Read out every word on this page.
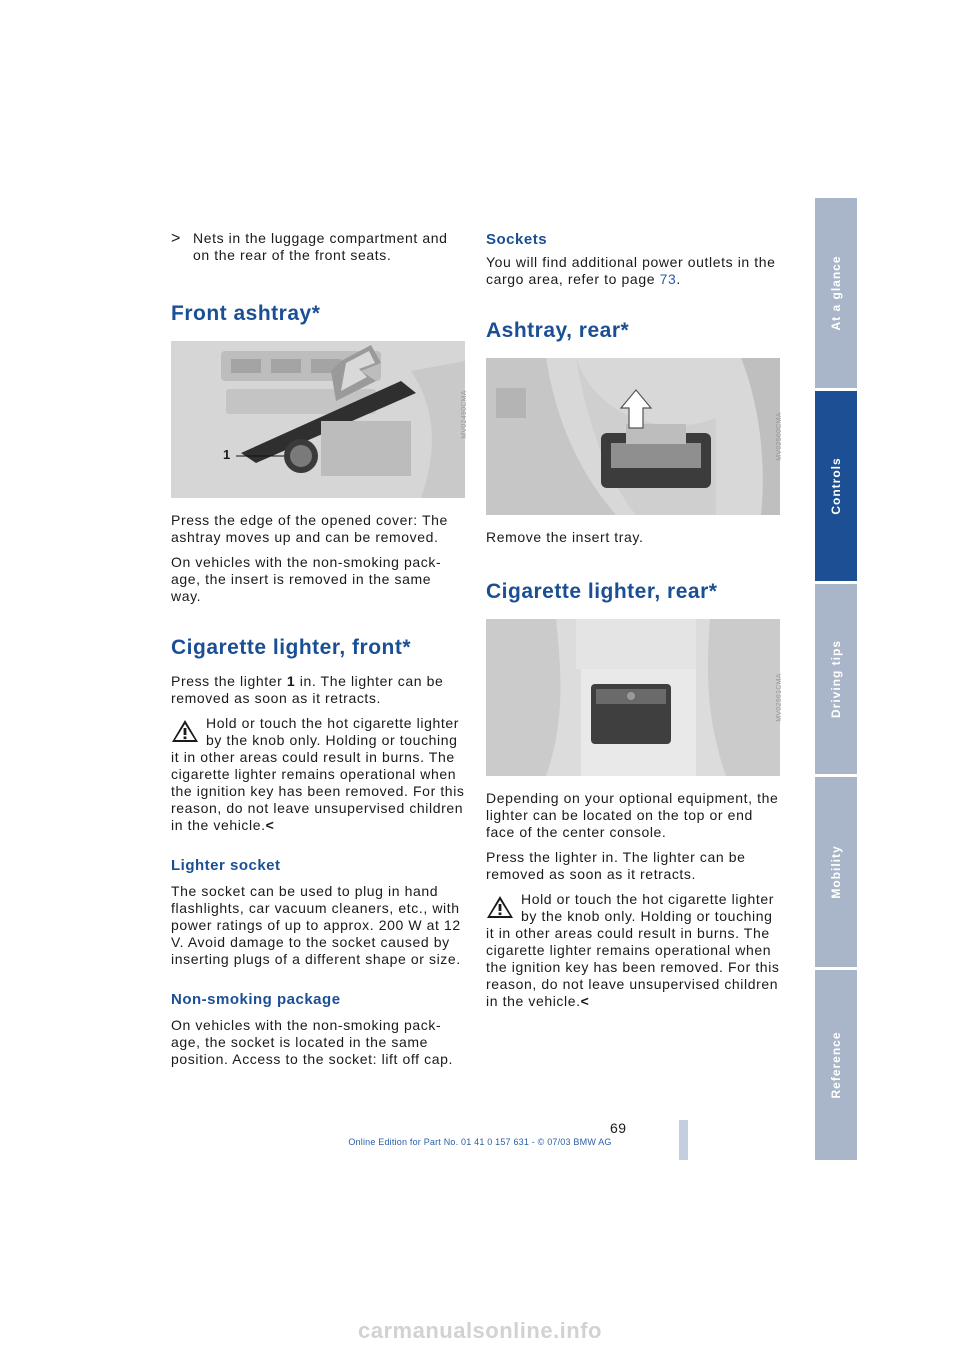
> Nets in the luggage compartment and on the rear of the front seats.

Front ashtray*
1
MV02490CMA

Press the edge of the opened cover: The ashtray moves up and can be removed.

On vehicles with the non-smoking pack-age, the insert is removed in the same way.

Cigarette lighter, front*

Press the lighter 1 in. The lighter can be removed as soon as it retracts.

Hold or touch the hot cigarette lighter by the knob only. Holding or touching

it in other areas could result in burns. The cigarette lighter remains operational when the ignition key has been removed. For this reason, do not leave unsupervised children in the vehicle.<

Lighter socket

The socket can be used to plug in hand flashlights, car vacuum cleaners, etc., with power ratings of up to approx. 200 W at 12 V. Avoid damage to the socket caused by inserting plugs of a different shape or size.

Non-smoking package

On vehicles with the non-smoking pack-age, the socket is located in the same position. Access to the socket: lift off cap.

Sockets

You will find additional power outlets in the cargo area, refer to page 73.

Ashtray, rear*
MV02560CMA

Remove the insert tray.

Cigarette lighter, rear*
MV02561CMA

Depending on your optional equipment, the lighter can be located on the top or end face of the center console.

Press the lighter in. The lighter can be removed as soon as it retracts.

Hold or touch the hot cigarette lighter by the knob only. Holding or touching

it in other areas could result in burns. The cigarette lighter remains operational when the ignition key has been removed. For this reason, do not leave unsupervised children in the vehicle.<

At a glance
Controls
Driving tips
Mobility
Reference
69
Online Edition for Part No. 01 41 0 157 631 - © 07/03 BMW AG
carmanualsonline.info
